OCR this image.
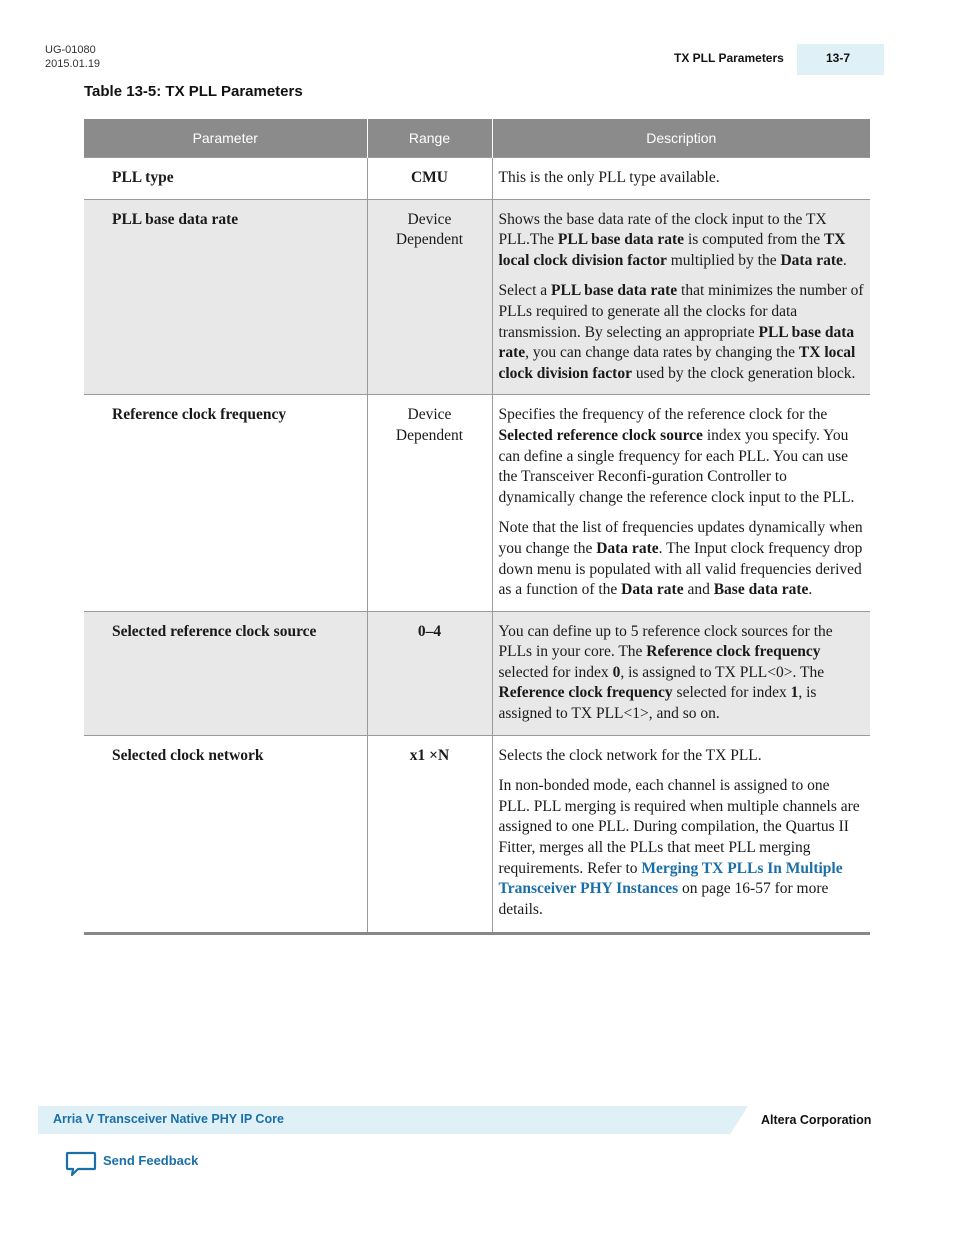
UG-01080
2015.01.19	TX PLL Parameters	13-7
Table 13-5: TX PLL Parameters
Parameter	Range	Description
PLL type	CMU	This is the only PLL type available.

PLL base data rate	Device Dependent	Shows the base data rate of the clock input to the TX PLL.The PLL base data rate is computed from the TX local clock division factor multiplied by the Data rate.

Select a PLL base data rate that minimizes the number of PLLs required to generate all the clocks for data transmission. By selecting an appropriate PLL base data rate, you can change data rates by changing the TX local clock division factor used by the clock generation block.

Reference clock frequency	Device Dependent	Specifies the frequency of the reference clock for the Selected reference clock source index you specify. You can define a single frequency for each PLL. You can use the Transceiver Reconfi-guration Controller to dynamically change the reference clock input to the PLL.

Note that the list of frequencies updates dynamically when you change the Data rate. The Input clock frequency drop down menu is populated with all valid frequencies derived as a function of the Data rate and Base data rate.

Selected reference clock source	0–4	You can define up to 5 reference clock sources for the PLLs in your core. The Reference clock frequency selected for index 0, is assigned to TX PLL<0>. The Reference clock frequency selected for index 1, is assigned to TX PLL<1>, and so on.

Selected clock network	x1 ×N	Selects the clock network for the TX PLL.

In non-bonded mode, each channel is assigned to one PLL. PLL merging is required when multiple channels are assigned to one PLL. During compilation, the Quartus II Fitter, merges all the PLLs that meet PLL merging requirements. Refer to Merging TX PLLs In Multiple Transceiver PHY Instances on page 16-57 for more details.

Arria V Transceiver Native PHY IP Core	Altera Corporation
Send Feedback
